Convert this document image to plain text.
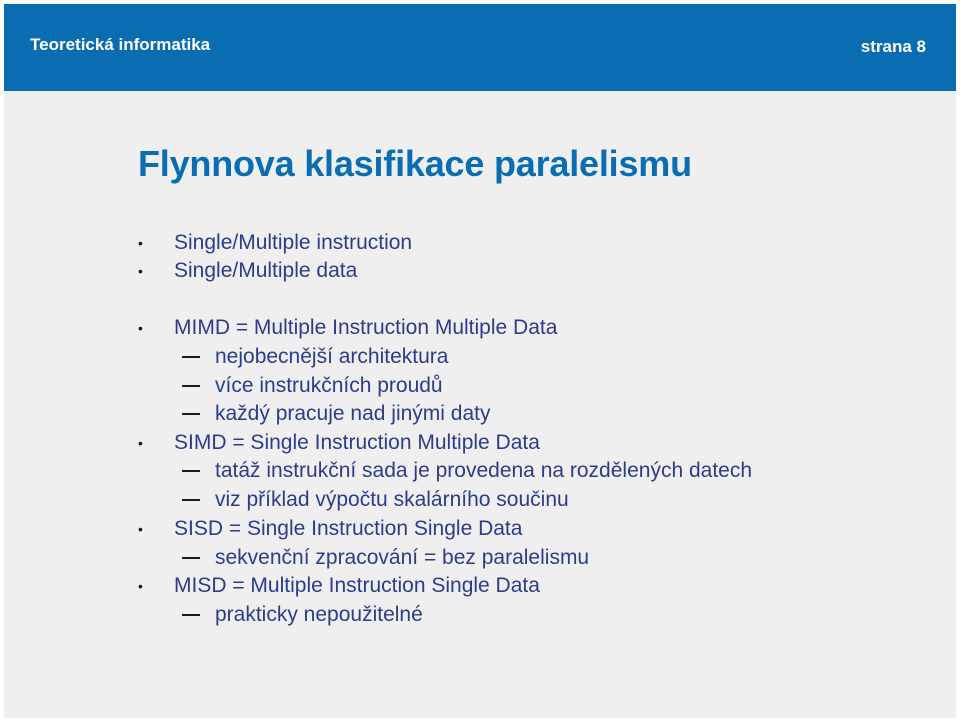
Teoretická informatika	strana 8
Flynnova klasifikace paralelismu
• Single/Multiple instruction
• Single/Multiple data
• MIMD = Multiple Instruction Multiple Data
nejobecnější architektura
více instrukčních proudů
každý pracuje nad jinými daty
• SIMD = Single Instruction Multiple Data
tatáž instrukční sada je provedena na rozdělených datech
viz příklad výpočtu skalárního součinu
• SISD = Single Instruction Single Data
sekvenční zpracování = bez paralelismu
• MISD = Multiple Instruction Single Data
prakticky nepoužitelné
